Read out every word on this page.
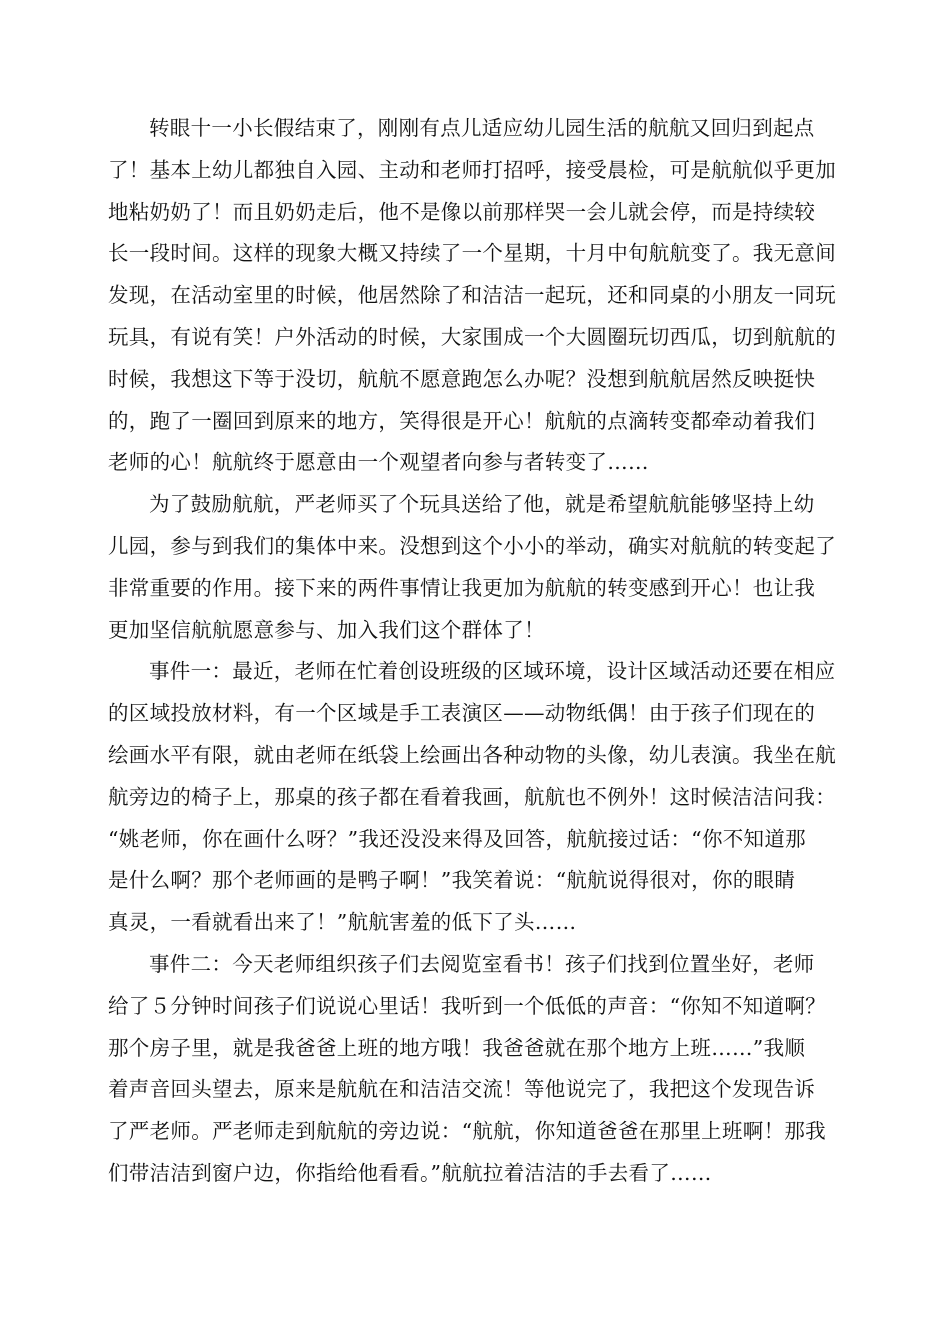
转眼十一小长假结束了，刚刚有点儿适应幼儿园生活的航航又回归到起点
了！基本上幼儿都独自入园、主动和老师打招呼，接受晨检，可是航航似乎更加
地粘奶奶了！而且奶奶走后，他不是像以前那样哭一会儿就会停，而是持续较
长一段时间。这样的现象大概又持续了一个星期，十月中旬航航变了。我无意间
发现，在活动室里的时候，他居然除了和洁洁一起玩，还和同桌的小朋友一同玩
玩具，有说有笑！户外活动的时候，大家围成一个大圆圈玩切西瓜，切到航航的
时候，我想这下等于没切，航航不愿意跑怎么办呢？没想到航航居然反映挺快
的，跑了一圈回到原来的地方，笑得很是开心！航航的点滴转变都牵动着我们
老师的心！航航终于愿意由一个观望者向参与者转变了……

为了鼓励航航，严老师买了个玩具送给了他，就是希望航航能够坚持上幼
儿园，参与到我们的集体中来。没想到这个小小的举动，确实对航航的转变起了
非常重要的作用。接下来的两件事情让我更加为航航的转变感到开心！也让我
更加坚信航航愿意参与、加入我们这个群体了！

事件一：最近，老师在忙着创设班级的区域环境，设计区域活动还要在相应
的区域投放材料，有一个区域是手工表演区——动物纸偶！由于孩子们现在的
绘画水平有限，就由老师在纸袋上绘画出各种动物的头像，幼儿表演。我坐在航
航旁边的椅子上，那桌的孩子都在看着我画，航航也不例外！这时候洁洁问我：
“姚老师，你在画什么呀？”我还没没来得及回答，航航接过话：“你不知道那
是什么啊？那个老师画的是鸭子啊！”我笑着说：“航航说得很对，你的眼睛
真灵，一看就看出来了！”航航害羞的低下了头……

事件二：今天老师组织孩子们去阅览室看书！孩子们找到位置坐好，老师
给了５分钟时间孩子们说说心里话！我听到一个低低的声音：“你知不知道啊？
那个房子里，就是我爸爸上班的地方哦！我爸爸就在那个地方上班……”我顺
着声音回头望去，原来是航航在和洁洁交流！等他说完了，我把这个发现告诉
了严老师。严老师走到航航的旁边说：“航航，你知道爸爸在那里上班啊！那我
们带洁洁到窗户边，你指给他看看。”航航拉着洁洁的手去看了……
